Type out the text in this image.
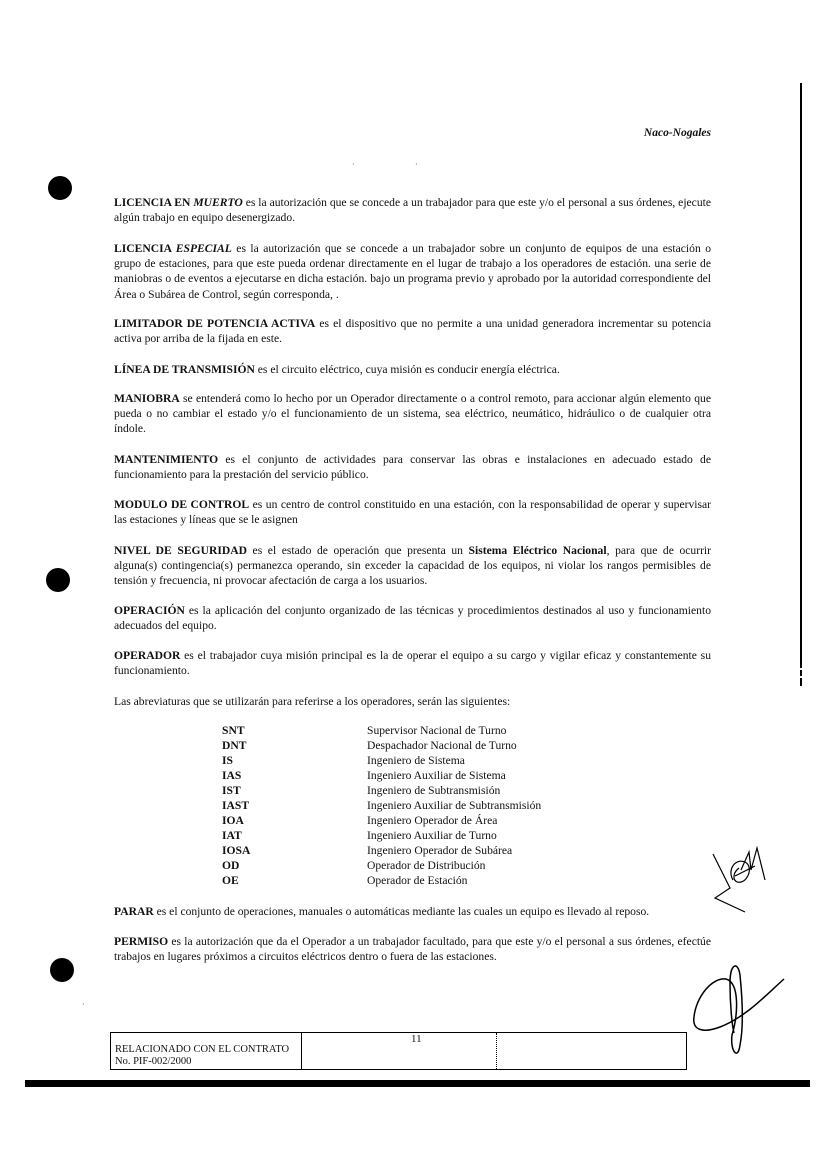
Naco-Nogales
·	·
·

LICENCIA EN MUERTO es la autorización que se concede a un trabajador para que este y/o el personal a sus órdenes, ejecute algún trabajo en equipo desenergizado.

LICENCIA ESPECIAL es la autorización que se concede a un trabajador sobre un conjunto de equipos de una estación o grupo de estaciones, para que este pueda ordenar directamente en el lugar de trabajo a los operadores de estación. una serie de maniobras o de eventos a ejecutarse en dicha estación. bajo un programa previo y aprobado por la autoridad correspondiente del Área o Subárea de Control, según corresponda, .

LIMITADOR DE POTENCIA ACTIVA es el dispositivo que no permite a una unidad generadora incrementar su potencia activa por arriba de la fijada en este.

LÍNEA DE TRANSMISIÓN es el circuito eléctrico, cuya misión es conducir energía eléctrica.

MANIOBRA se entenderá como lo hecho por un Operador directamente o a control remoto, para accionar algún elemento que pueda o no cambiar el estado y/o el funcionamiento de un sistema, sea eléctrico, neumático, hidráulico o de cualquier otra índole.

MANTENIMIENTO es el conjunto de actividades para conservar las obras e instalaciones en adecuado estado de funcionamiento para la prestación del servicio público.

MODULO DE CONTROL es un centro de control constituido en una estación, con la responsabilidad de operar y supervisar las estaciones y líneas que se le asignen

NIVEL DE SEGURIDAD es el estado de operación que presenta un Sistema Eléctrico Nacional, para que de ocurrir alguna(s) contingencia(s) permanezca operando, sin exceder la capacidad de los equipos, ni violar los rangos permisibles de tensión y frecuencia, ni provocar afectación de carga a los usuarios.

OPERACIÓN es la aplicación del conjunto organizado de las técnicas y procedimientos destinados al uso y funcionamiento adecuados del equipo.

OPERADOR es el trabajador cuya misión principal es la de operar el equipo a su cargo y vigilar eficaz y constantemente su funcionamiento.

Las abreviaturas que se utilizarán para referirse a los operadores, serán las siguientes:

SNT	Supervisor Nacional de Turno
DNT	Despachador Nacional de Turno
IS	Ingeniero de Sistema
IAS	Ingeniero Auxiliar de Sistema
IST	Ingeniero de Subtransmisión
IAST	Ingeniero Auxiliar de Subtransmisión
IOA	Ingeniero Operador de Área
IAT	Ingeniero Auxiliar de Turno
IOSA	Ingeniero Operador de Subárea
OD	Operador de Distribución
OE	Operador de Estación

PARAR es el conjunto de operaciones, manuales o automáticas mediante las cuales un equipo es llevado al reposo.

PERMISO es la autorización que da el Operador a un trabajador facultado, para que este y/o el personal a sus órdenes, efectúe trabajos en lugares próximos a circuitos eléctricos dentro o fuera de las estaciones.

RELACIONADO CON EL CONTRATO
No. PIF-002/2000
11
